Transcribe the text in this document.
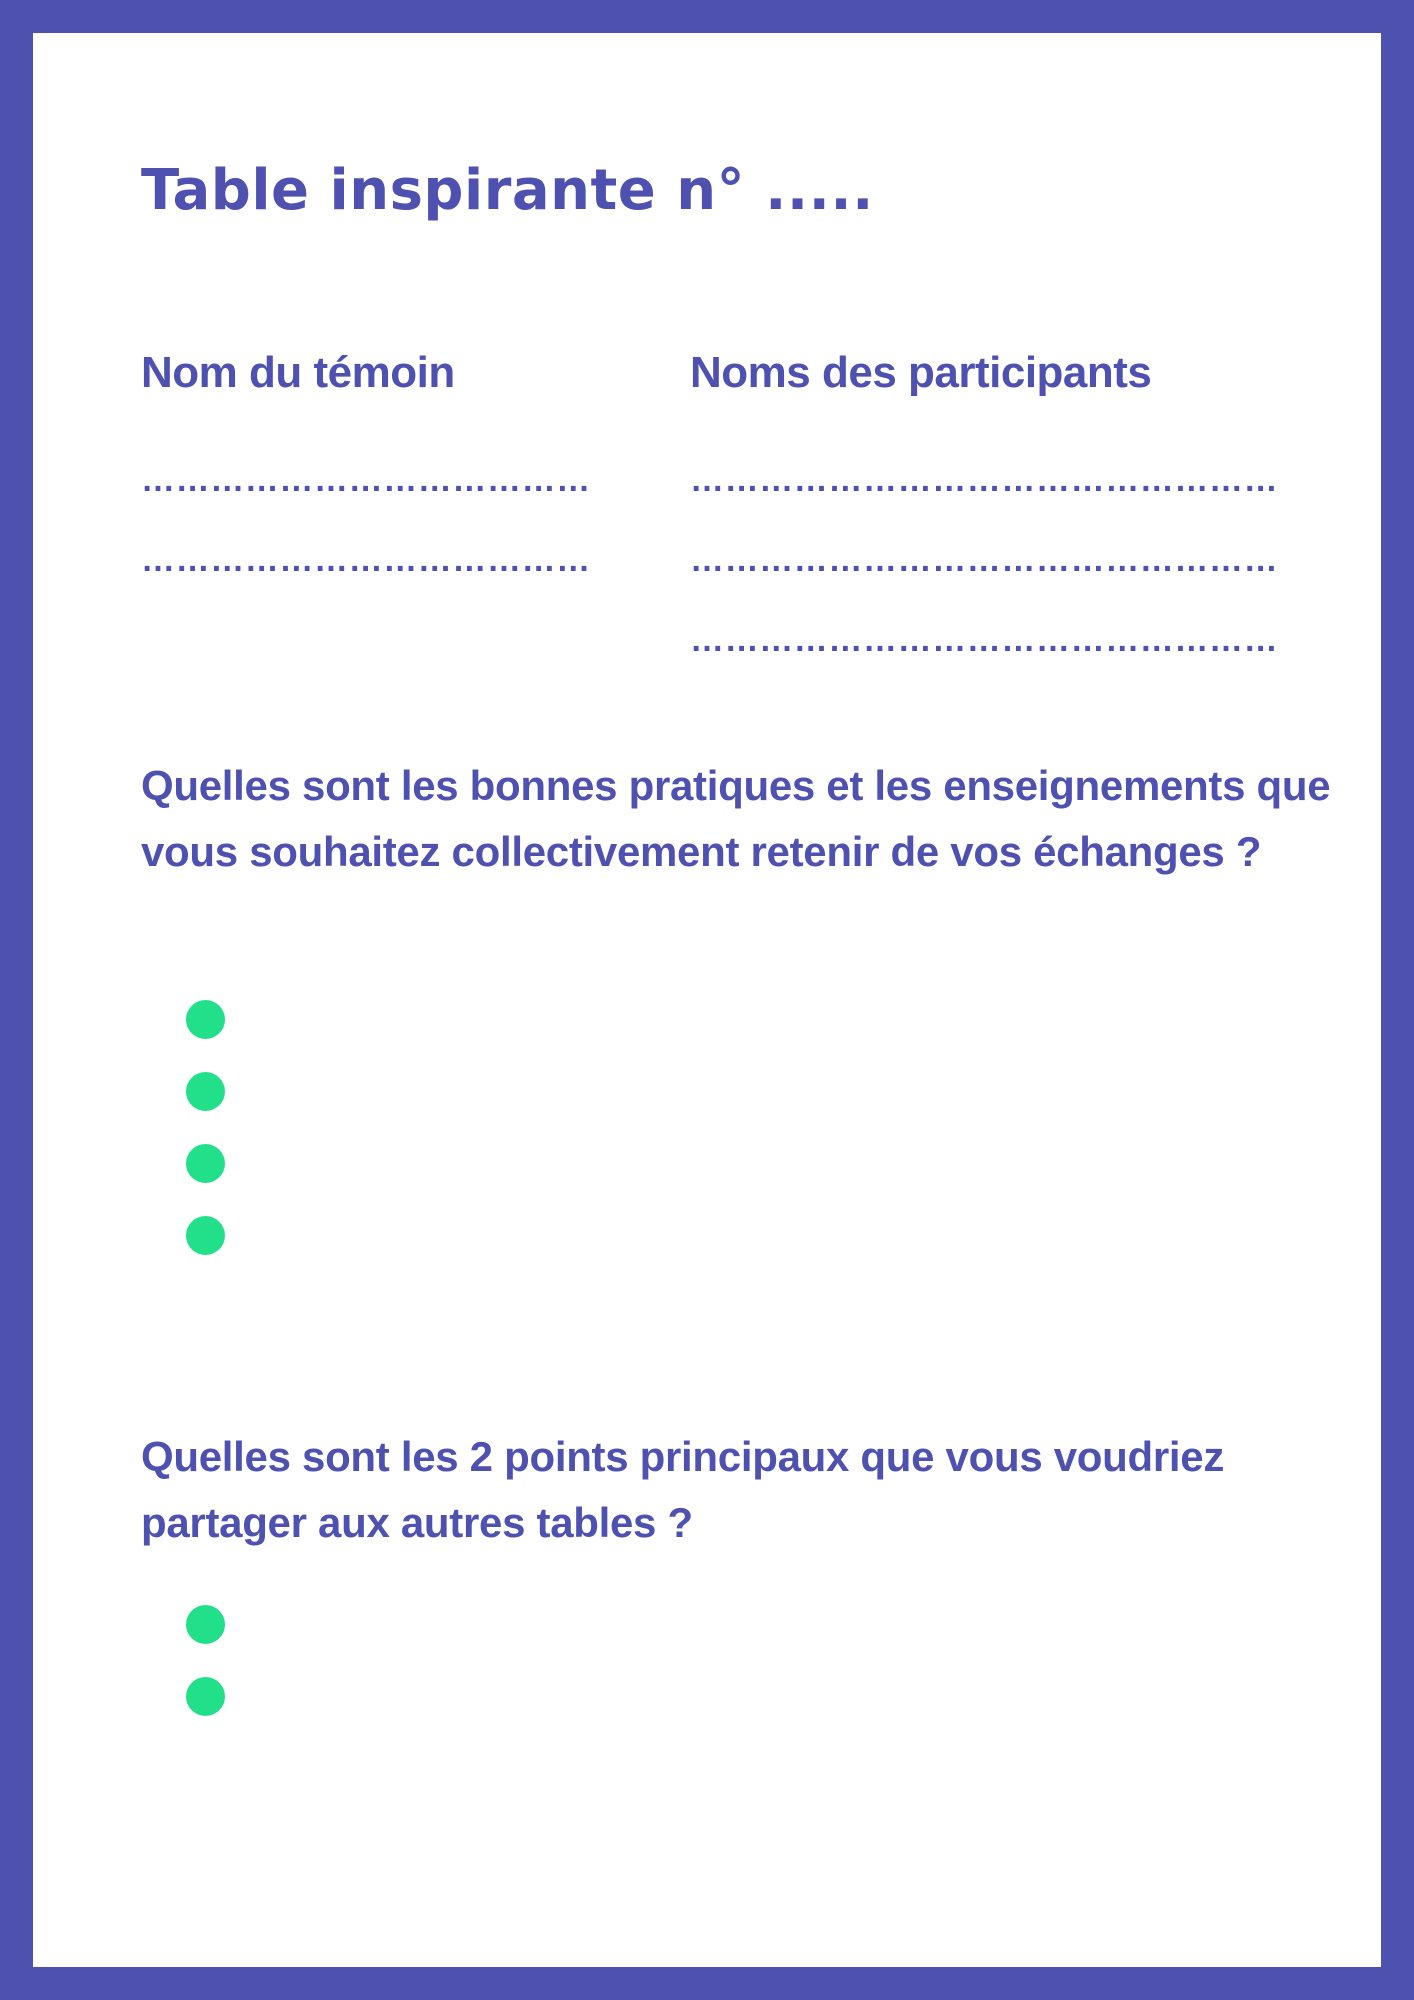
Table inspirante n° .....
Nom du témoin	Noms des participants

…………………………………

…………………………………

……………………………………………

……………………………………………

……………………………………………

Quelles sont les bonnes pratiques et les enseignements que vous souhaitez collectivement retenir de vos échanges ?

Quelles sont les 2 points principaux que vous voudriez partager aux autres tables ?
